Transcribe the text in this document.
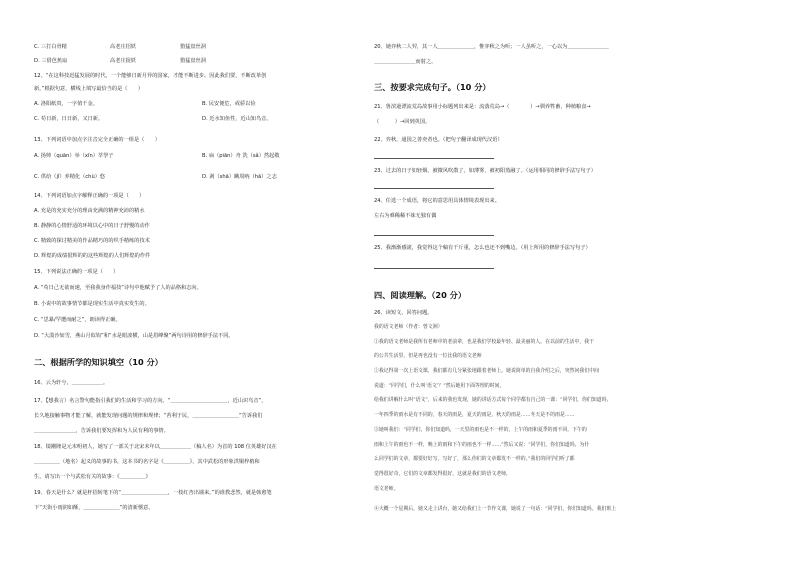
C. 三打白骨精	高老庄招妖	猎猛盘丝洞
D. 三借芭蕉扇	高老庄捉妖	猎猛盘丝洞
12、“在这科技迅猛发展的时代，一个能够日新月异的国家，才能不断进步。因此我们要，不断改革创
新。”根据句意，横线上填写最恰当的是（　　）
A. 洛阳纸贵，一字值千金。	B. 民安便危，戒骄以俭
C. 苟日新，日日新，又日新。	D. 近水知鱼性，近山知鸟音。
13、下列词语中加点字注音完全正确的一组是（　　）
A. 扬帅（quān）举（xīn）萃孥子	B. 扁（piān）舟 洗（sǎ）然起敬
C. 供给（jǐ）养精化（chù）悠	D. 剥（shā）瞒周吶（hā）之志
14、下列词语加点字解释正确的一项是（　　）
A. 充是的充实充分的理由充满的精神充沛的精水
B. 静静的心情舒适的环境以心中的日子舒慢的动作
C. 精致的探讨精美的作品精巧的的织手精练的技术
D. 辉煌的成绩很辉的的这些辉煌的人们辉煌的作件
15、下列说法正确的一项是（　　）
A. “苟日己无欲而速，至我我身作福技”诗句中他赋予了人的品格和志向。
B. 小说中的故事情节都是现实生活中真实发生的。
C. “思暴/罕遭而耐之”，朗读得正确。
D. “大漠沙如雪，燕山月似钩”和“水是眼波横，山是眉峰聚”两句诗用的修辞手法不同。
二、根据所学的知识填空（10 分）
16、云为轩兮，＿＿＿＿＿＿。
17、【想我言）名言警句能指引我们的生活和学习的方向。“＿＿＿＿＿＿＿＿＿＿＿，近山识鸟音”，
长久地接触事物才能了解，就能发现问题的规律和规律；“苔利于民，＿＿＿＿＿＿＿＿＿”告诉我们
＿＿＿＿＿＿＿＿，告诉我们要发挥和为人民有利的事情。
18、镜剛隆是元末明初人，她写了一部关于北宋末年以＿＿＿＿＿＿（稿人名）为首的 108 位英雄好汉在
＿＿＿＿＿（地名）起义的故事的书，这本书的名字是《＿＿＿＿＿》，其中武松的形象洪铜梓梢和
生，请写出一个与武松有关的故事：《＿＿＿＿＿》
19、春天是什么？就是杆招转笔下的“＿＿＿＿＿＿＿＿＿，一枝红杏出墙来。”的谁教悲然，就是韩愈笔
下“天街小雨润如酥，＿＿＿＿＿＿＿”的清新惬意。
20、她弈秋二人羿，其一人＿＿＿＿＿＿＿，惟弈秋之为听；一人虽听之，一心以为＿＿＿＿＿＿＿＿
＿＿＿＿＿＿＿＿而射之。
三、按要求完成句子。（10 分）
21、鲁滨逊漂流荒岛故事用小标题列出来是：流落荒岛→（　　　　）→驯养牲畜、种植粮食→
（　　　）→回到英国。
22、弈秋，通国之善奕者也。（把句子翻译成现代汉语）
23、过去的日子如轻烟，被微风吹散了，如薄雾，被初阳蒸融了。（运用相同的修辞手法写句子）
24、任选一个成语，将它的意思用具体情境表现出来。
左右为难稀稀不妹无独有偶
25、我渐渐感滚，我觉得这个稿有千斤重，怎么也还不到嘴边。（用上所用的修辞手法写句子）
四、阅读理解。（20 分）
26、读短文，回答问题。
我的语文老师（作者：曾文洲）
①我的语文老师是我所有老师中的老前辈，也是我们学校最年轻、最美丽的人。在以前的生活中，我干
的公共生活里，但是再也没有一位比我的语文老师
②我记得第一次上语文课，我们都有几分紧张地跟着老师上。她说简单的自我介绍之后，突然问我们中间
说道：“同学们，什么叫‘语文’？”然后她用下面等理的时间，
给我们讲解什么叫“语文”，后来的我也发现，她的讲话方式每个同学都有自己的一课：“同学们，你们知道吗，
一年四季的雨水是有不同的，春天的雨是，夏天的雨是，秋天的雨是……冬天是不的雨是……
③她叫我们：“同学们，你们知道吗，一天里的雨也是不一样的，上午的雨和夏季的雨不同，下午的
雨和上午的雨也不一样，晚上的雨和下午的雨也不一样……”然后又说：“同学们，你们知道吗，为什
么同学们的文章，都要好好写，写好了，那么你们的文章都发不一样的。”我们的同学们听了都
觉得很好奇，它们的文章都发得很好，这就是我们的语文老师，
语文老师。
④大概一个星期后，她又走上讲台，她又给我们上一节作文课，她说了一句话：“同学们，你们知道吗，我们班上
